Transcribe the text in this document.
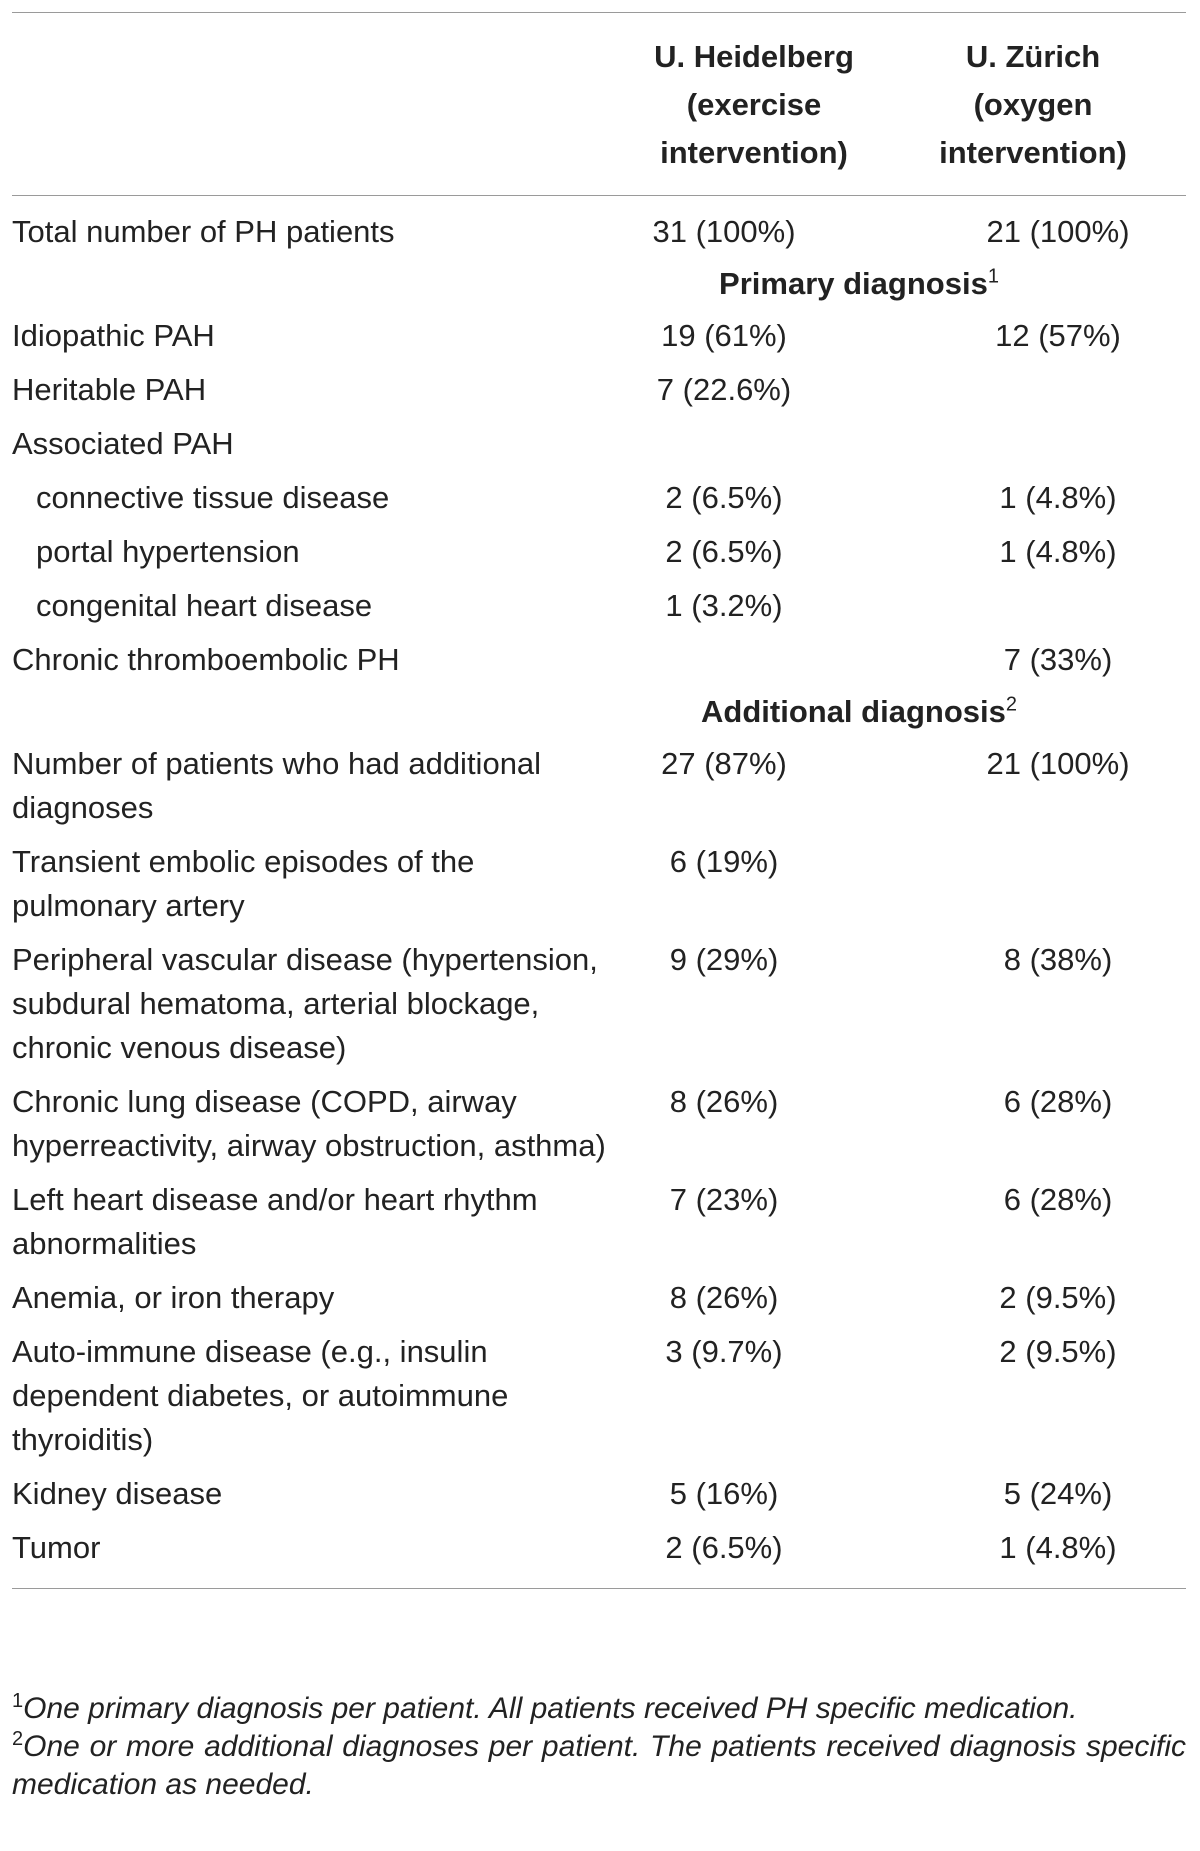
	U. Heidelberg
(exercise
intervention)	U. Zürich
(oxygen
intervention)

Total number of PH patients	31 (100%)	21 (100%)
Primary diagnosis$^1$
Idiopathic PAH	19 (61%)	12 (57%)
Heritable PAH	7 (22.6%)	
Associated PAH		
connective tissue disease	2 (6.5%)	1 (4.8%)
portal hypertension	2 (6.5%)	1 (4.8%)
congenital heart disease	1 (3.2%)	
Chronic thromboembolic PH		7 (33%)
Additional diagnosis$^2$
Number of patients who had additional diagnoses	27 (87%)	21 (100%)
Transient embolic episodes of the pulmonary artery	6 (19%)	
Peripheral vascular disease (hypertension, subdural hematoma, arterial blockage, chronic venous disease)	9 (29%)	8 (38%)
Chronic lung disease (COPD, airway hyperreactivity, airway obstruction, asthma)	8 (26%)	6 (28%)
Left heart disease and/or heart rhythm abnormalities	7 (23%)	6 (28%)
Anemia, or iron therapy	8 (26%)	2 (9.5%)
Auto-immune disease (e.g., insulin dependent diabetes, or autoimmune thyroiditis)	3 (9.7%)	2 (9.5%)
Kidney disease	5 (16%)	5 (24%)
Tumor	2 (6.5%)	1 (4.8%)

$^1$One primary diagnosis per patient. All patients received PH specific medication.

$^2$One or more additional diagnoses per patient. The patients received diagnosis specific medication as needed.
